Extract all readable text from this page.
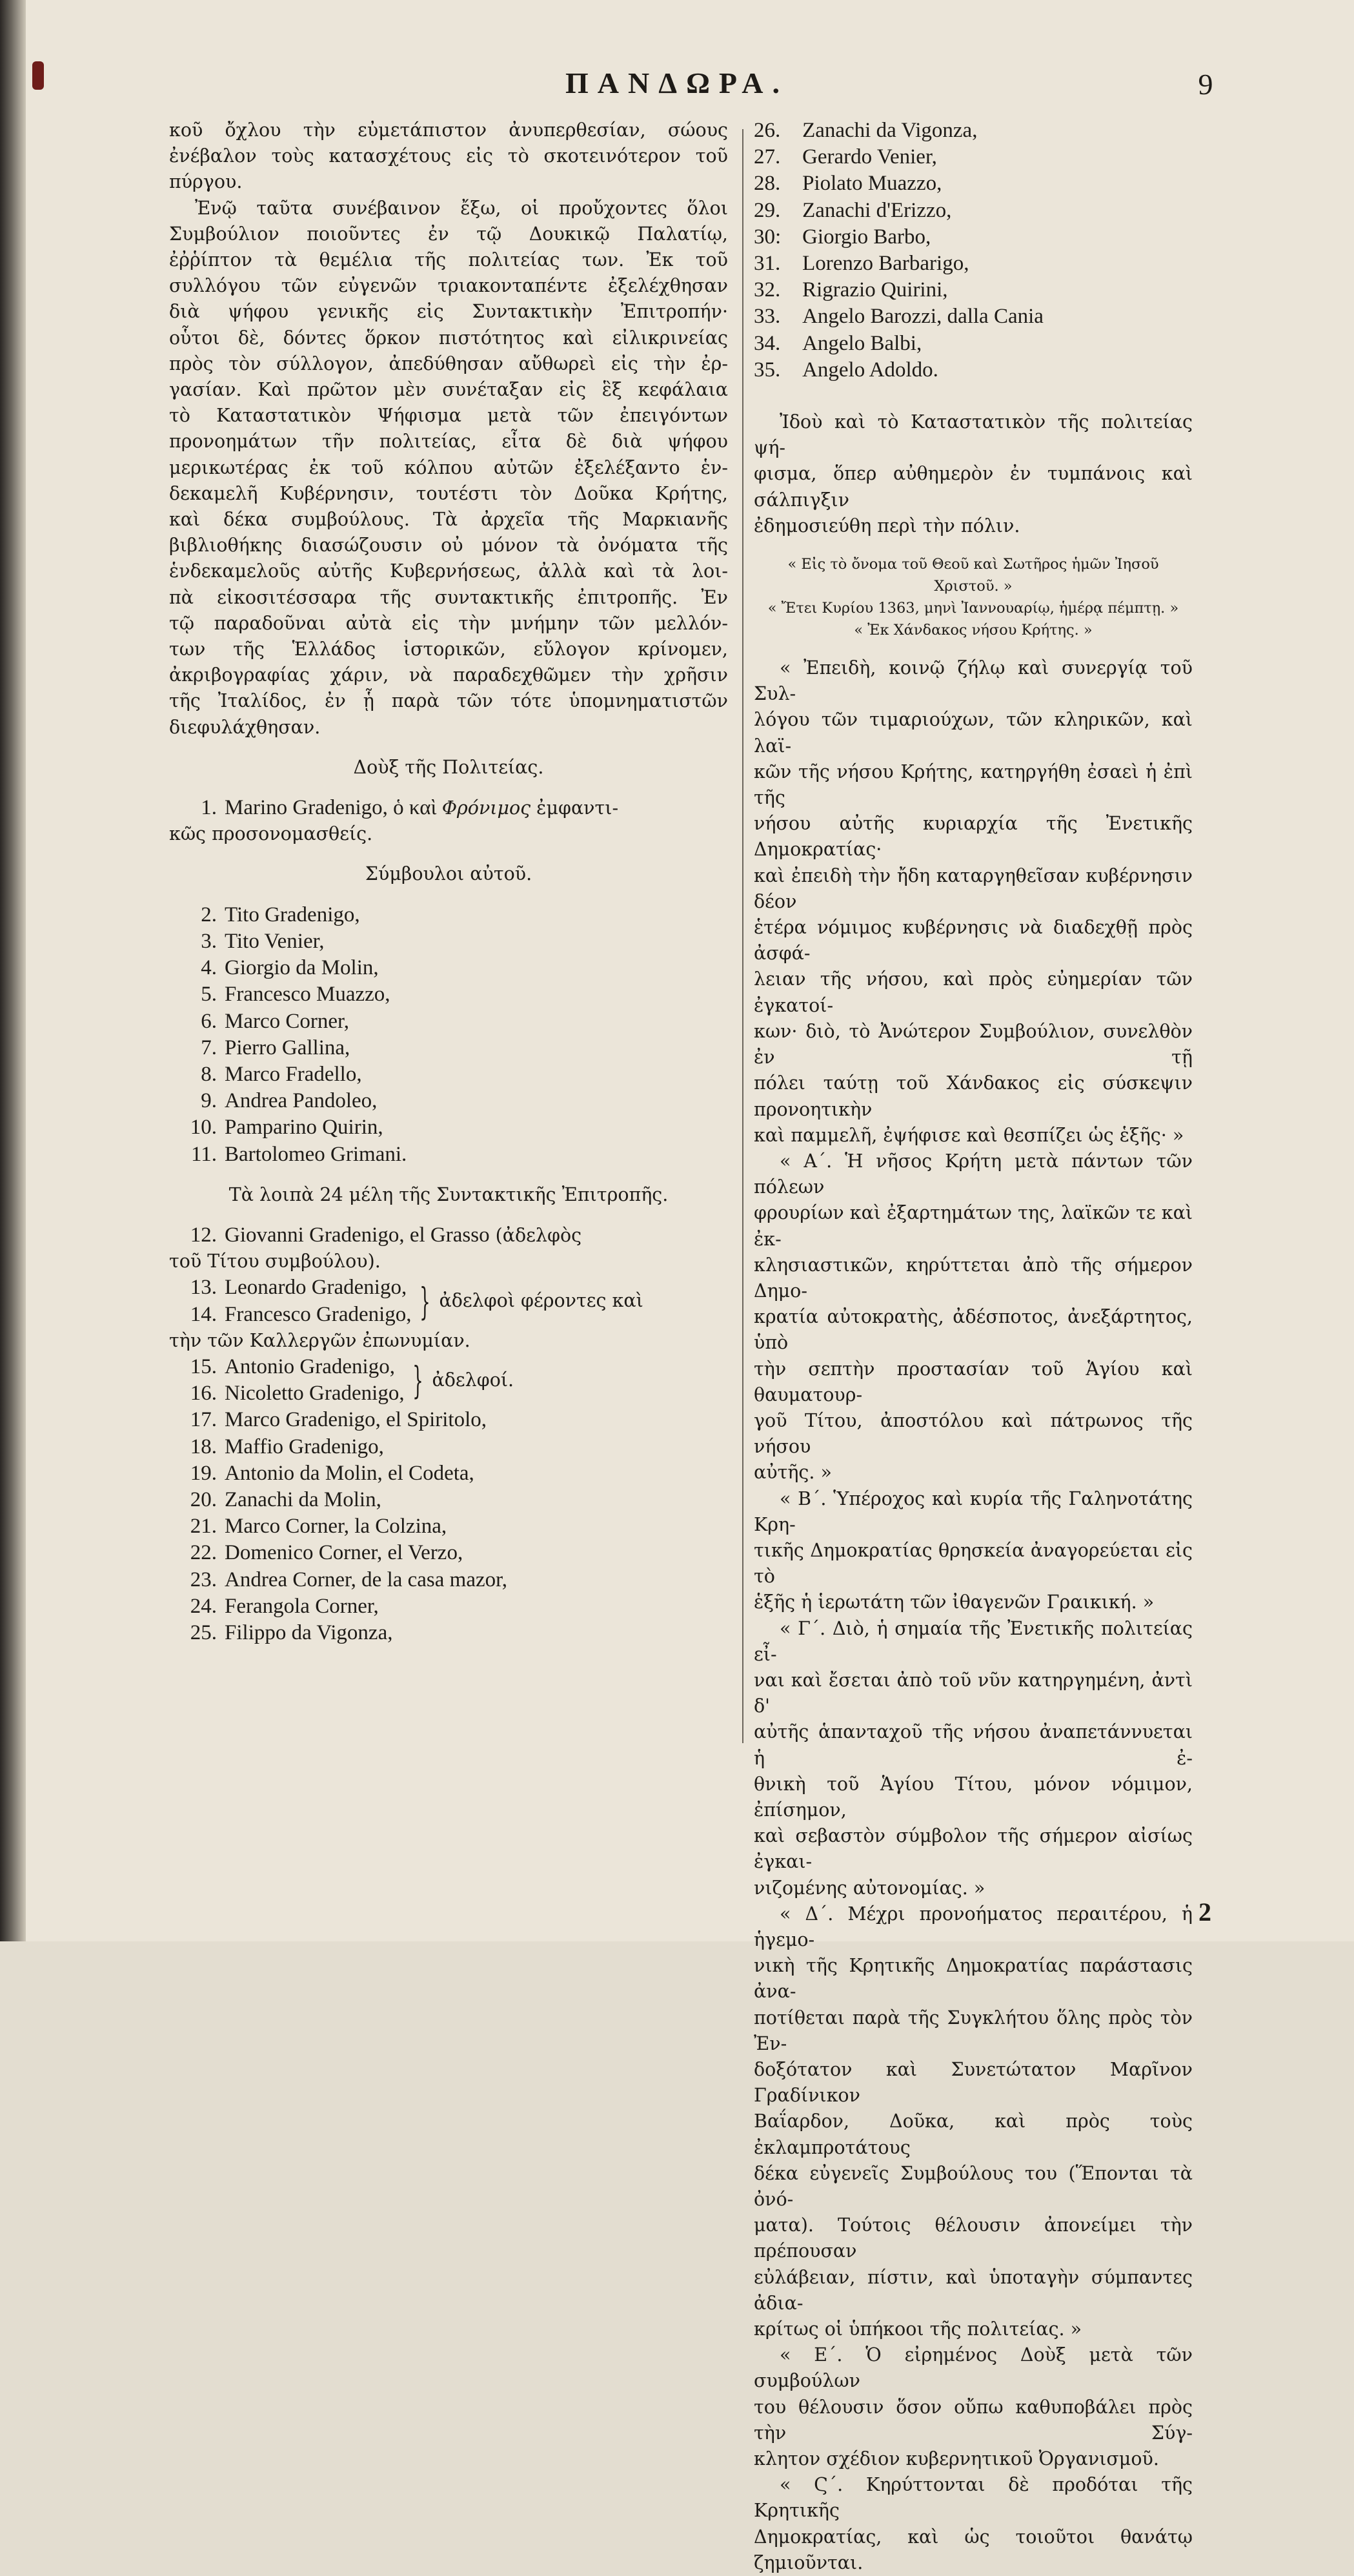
ΠΑΝΔΩΡΑ.	9

κοῦ ὄχλου τὴν εὐμετάπιστον ἀνυπερθεσίαν, σώους

ἐνέβαλον τοὺς κατασχέτους εἰς τὸ σκοτεινότερον τοῦ

πύργου.

Ἐνῷ ταῦτα συνέβαινον ἔξω, οἱ προὔχοντες ὅλοι

Συμβούλιον ποιοῦντες ἐν τῷ Δουκικῷ Παλατίῳ,

ἐῤῥίπτον τὰ θεμέλια τῆς πολιτείας των. Ἐκ τοῦ

συλλόγου τῶν εὐγενῶν τριακονταπέντε ἐξελέχθησαν

διὰ ψήφου γενικῆς εἰς Συντακτικὴν Ἐπιτροπήν·

οὗτοι δὲ, δόντες ὅρκον πιστότητος καὶ εἰλικρινείας

πρὸς τὸν σύλλογον, ἀπεδύθησαν αὔθωρεὶ εἰς τὴν ἐρ-

γασίαν. Καὶ πρῶτον μὲν συνέταξαν εἰς ἓξ κεφάλαια

τὸ Καταστατικὸν Ψήφισμα μετὰ τῶν ἐπειγόντων

προνοημάτων τῆν πολιτείας, εἶτα δὲ διὰ ψήφου

μερικωτέρας ἐκ τοῦ κόλπου αὐτῶν ἐξελέξαντο ἑν-

δεκαμελῆ Κυβέρνησιν, τουτέστι τὸν Δοῦκα Κρήτης,

καὶ δέκα συμβούλους. Τὰ ἀρχεῖα τῆς Μαρκιανῆς

βιβλιοθήκης διασώζουσιν οὐ μόνον τὰ ὀνόματα τῆς

ἑνδεκαμελοῦς αὐτῆς Κυβερνήσεως, ἀλλὰ καὶ τὰ λοι-

πὰ εἰκοσιτέσσαρα τῆς συντακτικῆς ἐπιτροπῆς. Ἐν

τῷ παραδοῦναι αὐτὰ εἰς τὴν μνήμην τῶν μελλόν-

των τῆς Ἑλλάδος ἱστορικῶν, εὔλογον κρίνομεν,

ἀκριβογραφίας χάριν, νὰ παραδεχθῶμεν τὴν χρῆσιν

τῆς Ἰταλίδος, ἐν ᾗ παρὰ τῶν τότε ὑπομνηματιστῶν

διεφυλάχθησαν.

Δοὺξ τῆς Πολιτείας.

1. Marino Gradenigo, ὁ καὶ Φρόνιμος ἐμφαντι-

κῶς προσονομασθείς.

Σύμβουλοι αὐτοῦ.

2. Tito Gradenigo,

3. Tito Venier,

4. Giorgio da Molin,

5. Francesco Muazzo,

6. Marco Corner,

7. Pierro Gallina,

8. Marco Fradello,

9. Andrea Pandoleo,

10. Pamparino Quirin,

11. Bartolomeo Grimani.

Τὰ λοιπὰ 24 μέλη τῆς Συντακτικῆς Ἐπιτροπῆς.

12. Giovanni Gradenigo, el Grasso (ἀδελφὸς

τοῦ Τίτου συμβούλου).

13. Leonardo Gradenigo,

14. Francesco Gradenigo, } ἀδελφοὶ φέροντες καὶ

τὴν τῶν Καλλεργῶν ἐπωνυμίαν.

15. Antonio Gradenigo,

16. Nicoletto Gradenigo, } ἀδελφοί.

17. Marco Gradenigo, el Spiritolo,

18. Maffio Gradenigo,

19. Antonio da Molin, el Codeta,

20. Zanachi da Molin,

21. Marco Corner, la Colzina,

22. Domenico Corner, el Verzo,

23. Andrea Corner, de la casa mazor,

24. Ferangola Corner,

25. Filippo da Vigonza,

26. Zanachi da Vigonza,

27. Gerardo Venier,

28. Piolato Muazzo,

29. Zanachi d'Erizzo,

30: Giorgio Barbo,

31. Lorenzo Barbarigo,

32. Rigrazio Quirini,

33. Angelo Barozzi, dalla Cania

34. Angelo Balbi,

35. Angelo Adoldo.

Ἰδοὺ καὶ τὸ Καταστατικὸν τῆς πολιτείας ψή-

φισμα, ὅπερ αὐθημερὸν ἐν τυμπάνοις καὶ σάλπιγξιν

ἐδημοσιεύθη περὶ τὴν πόλιν.

« Εἰς τὸ ὄνομα τοῦ Θεοῦ καὶ Σωτῆρος ἡμῶν Ἰησοῦ Χριστοῦ. »

« Ἔτει Κυρίου 1363, μηνὶ Ἰαννουαρίῳ, ἡμέρᾳ πέμπτῃ. »

« Ἐκ Χάνδακος νήσου Κρήτης. »

« Ἐπειδὴ, κοινῷ ζήλῳ καὶ συνεργίᾳ τοῦ Συλ-

λόγου τῶν τιμαριούχων, τῶν κληρικῶν, καὶ λαϊ-

κῶν τῆς νήσου Κρήτης, κατηργήθη ἐσαεὶ ἡ ἐπὶ τῆς

νήσου αὐτῆς κυριαρχία τῆς Ἐνετικῆς Δημοκρατίας·

καὶ ἐπειδὴ τὴν ἤδη καταργηθεῖσαν κυβέρνησιν δέον

ἑτέρα νόμιμος κυβέρνησις νὰ διαδεχθῇ πρὸς ἀσφά-

λειαν τῆς νήσου, καὶ πρὸς εὐημερίαν τῶν ἐγκατοί-

κων· διὸ, τὸ Ἀνώτερον Συμβούλιον, συνελθὸν ἐν τῇ

πόλει ταύτῃ τοῦ Χάνδακος εἰς σύσκεψιν προνοητικὴν

καὶ παμμελῆ, ἐψήφισε καὶ θεσπίζει ὡς ἑξῆς· »

« Α΄. Ἡ νῆσος Κρήτη μετὰ πάντων τῶν πόλεων

φρουρίων καὶ ἐξαρτημάτων της, λαϊκῶν τε καὶ ἐκ-

κλησιαστικῶν, κηρύττεται ἀπὸ τῆς σήμερον Δημο-

κρατία αὐτοκρατὴς, ἀδέσποτος, ἀνεξάρτητος, ὑπὸ

τὴν σεπτὴν προστασίαν τοῦ Ἁγίου καὶ θαυματουρ-

γοῦ Τίτου, ἀποστόλου καὶ πάτρωνος τῆς νήσου

αὐτῆς. »

« Β΄. Ὑπέροχος καὶ κυρία τῆς Γαληνοτάτης Κρη-

τικῆς Δημοκρατίας θρησκεία ἀναγορεύεται εἰς τὸ

ἑξῆς ἡ ἱερωτάτη τῶν ἰθαγενῶν Γραικική. »

« Γ΄. Διὸ, ἡ σημαία τῆς Ἐνετικῆς πολιτείας εἶ-

ναι καὶ ἔσεται ἀπὸ τοῦ νῦν κατηργημένη, ἀντὶ δ'

αὐτῆς ἁπανταχοῦ τῆς νήσου ἀναπετάννυεται ἡ ἐ-

θνικὴ τοῦ Ἁγίου Τίτου, μόνον νόμιμον, ἐπίσημον,

καὶ σεβαστὸν σύμβολον τῆς σήμερον αἰσίως ἐγκαι-

νιζομένης αὐτονομίας. »

« Δ΄. Μέχρι προνοήματος περαιτέρου, ἡ ἡγεμο-

νικὴ τῆς Κρητικῆς Δημοκρατίας παράστασις ἀνα-

ποτίθεται παρὰ τῆς Συγκλήτου ὅλης πρὸς τὸν Ἐν-

δοξότατον καὶ Συνετώτατον Μαρῖνον Γραδίνικον

Βαΐαρδον, Δοῦκα, καὶ πρὸς τοὺς ἐκλαμπροτάτους

δέκα εὐγενεῖς Συμβούλους του (Ἕπονται τὰ ὀνό-

ματα). Τούτοις θέλουσιν ἀπονείμει τὴν πρέπουσαν

εὐλάβειαν, πίστιν, καὶ ὑποταγὴν σύμπαντες ἀδια-

κρίτως οἱ ὑπήκοοι τῆς πολιτείας. »

« Ε΄. Ὁ εἰρημένος Δοὺξ μετὰ τῶν συμβούλων

του θέλουσιν ὅσον οὔπω καθυποβάλει πρὸς τὴν Σύγ-

κλητον σχέδιον κυβερνητικοῦ Ὀργανισμοῦ.

« Ϛ΄. Κηρύττονται δὲ προδόται τῆς Κρητικῆς

Δημοκρατίας, καὶ ὡς τοιοῦτοι θανάτῳ ζημιοῦνται.

2
